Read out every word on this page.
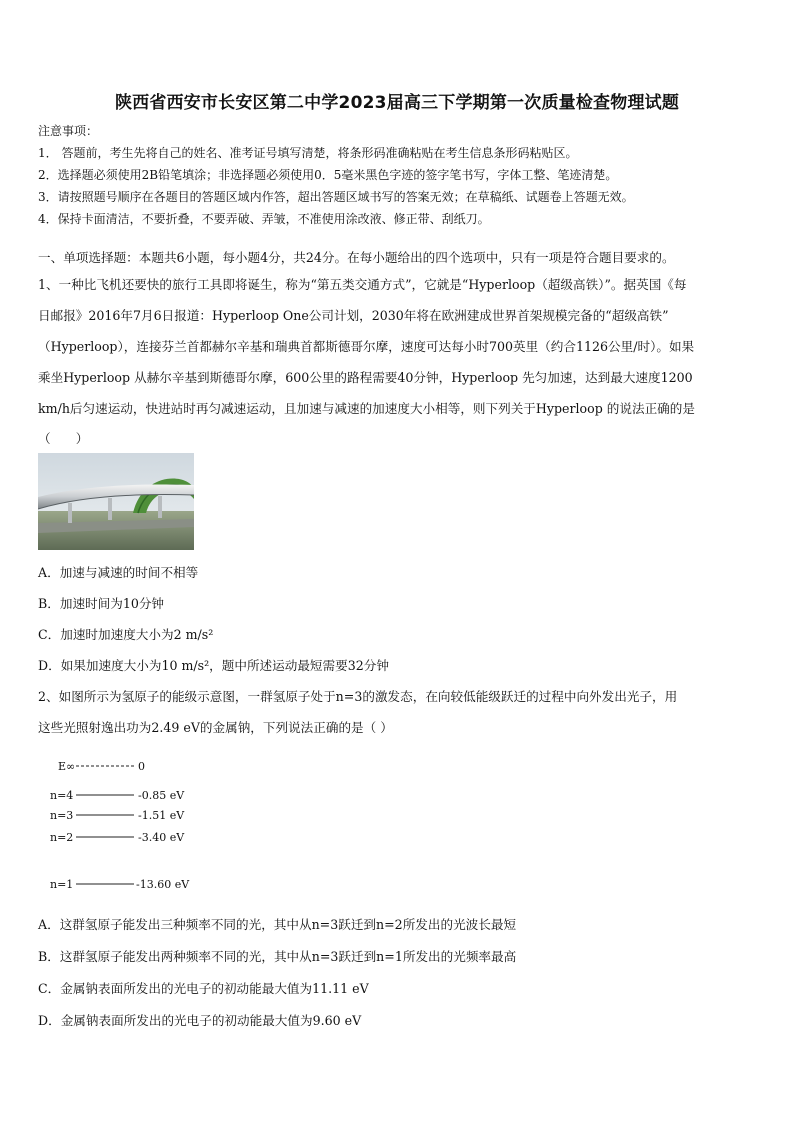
陕西省西安市长安区第二中学2023届高三下学期第一次质量检查物理试题
注意事项：
1． 答题前，考生先将自己的姓名、准考证号填写清楚，将条形码准确粘贴在考生信息条形码粘贴区。
2．选择题必须使用2B铅笔填涂；非选择题必须使用0．5毫米黑色字迹的签字笔书写，字体工整、笔迹清楚。
3．请按照题号顺序在各题目的答题区域内作答，超出答题区域书写的答案无效；在草稿纸、试题卷上答题无效。
4．保持卡面清洁，不要折叠，不要弄破、弄皱，不准使用涂改液、修正带、刮纸刀。
一、单项选择题：本题共6小题，每小题4分，共24分。在每小题给出的四个选项中，只有一项是符合题目要求的。
1、一种比飞机还要快的旅行工具即将诞生，称为“第五类交通方式”，它就是“Hyperloop（超级高铁）”。据英国《每
日邮报》2016年7月6日报道：Hyperloop One公司计划，2030年将在欧洲建成世界首架规模完备的“超级高铁”
（Hyperloop），连接芬兰首都赫尔辛基和瑞典首都斯德哥尔摩，速度可达每小时700英里（约合1126公里/时）。如果
乘坐Hyperloop 从赫尔辛基到斯德哥尔摩，600公里的路程需要40分钟，Hyperloop 先匀加速，达到最大速度1200
km/h后匀速运动，快进站时再匀减速运动，且加速与减速的加速度大小相等，则下列关于Hyperloop 的说法正确的是
（　　）
A．加速与减速的时间不相等
B．加速时间为10分钟
C．加速时加速度大小为2 m/s²
D．如果加速度大小为10 m/s²，题中所述运动最短需要32分钟
2、如图所示为氢原子的能级示意图，一群氢原子处于n=3的激发态，在向较低能级跃迁的过程中向外发出光子，用
这些光照射逸出功为2.49 eV的金属钠，下列说法正确的是（ ）
E∞	0
n=4	-0.85 eV
n=3	-1.51 eV
n=2	-3.40 eV
n=1	-13.60 eV
A．这群氢原子能发出三种频率不同的光，其中从n=3跃迁到n=2所发出的光波长最短
B．这群氢原子能发出两种频率不同的光，其中从n=3跃迁到n=1所发出的光频率最高
C．金属钠表面所发出的光电子的初动能最大值为11.11 eV
D．金属钠表面所发出的光电子的初动能最大值为9.60 eV
